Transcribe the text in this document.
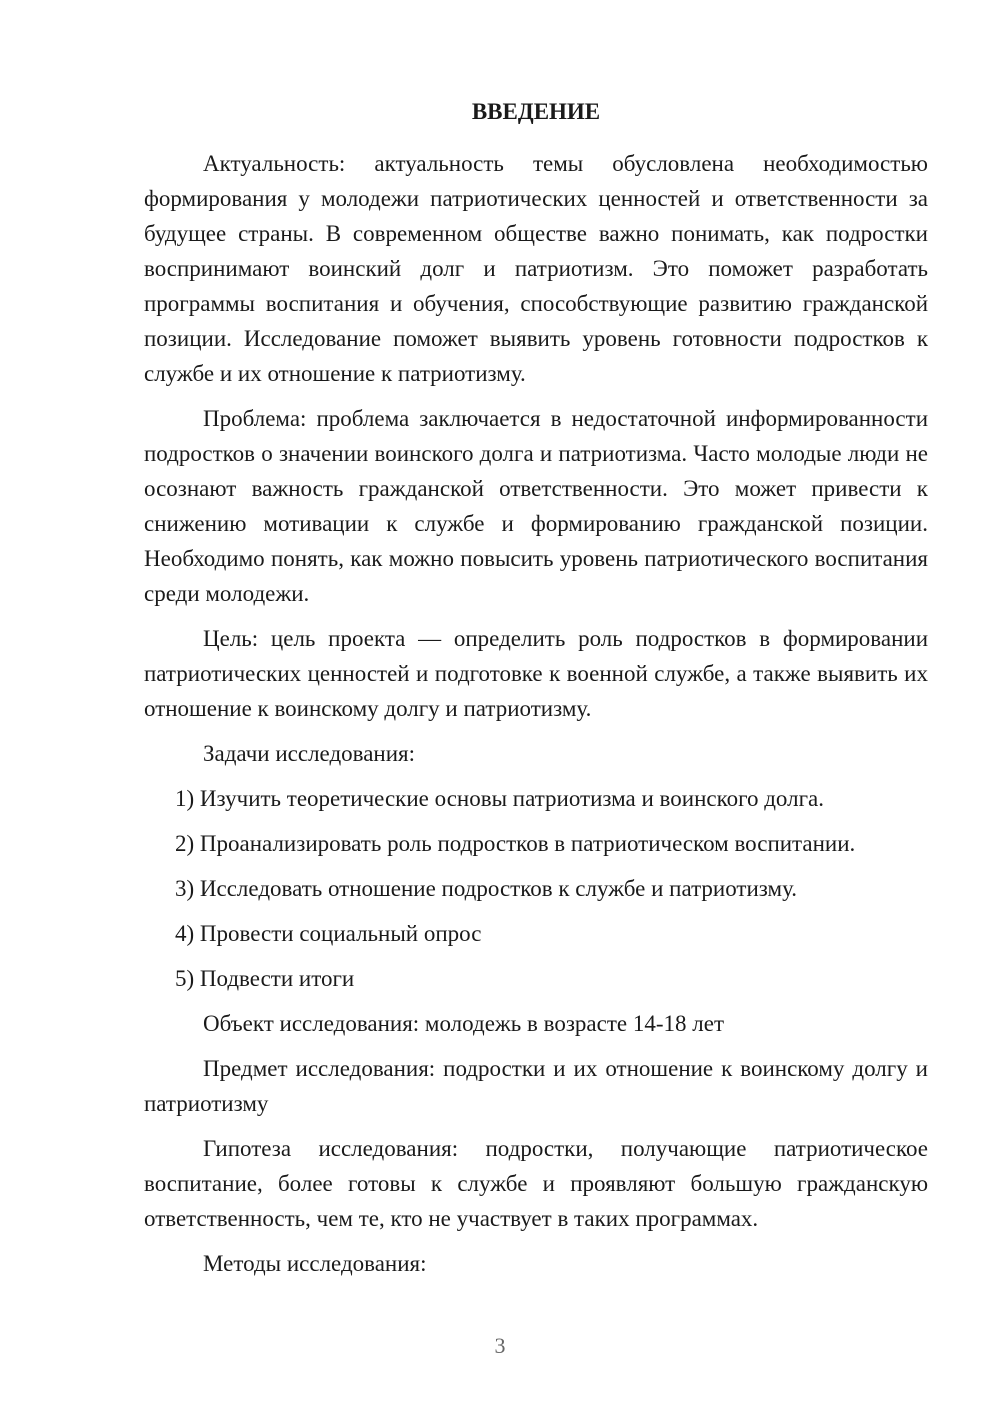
ВВЕДЕНИЕ

Актуальность: актуальность темы обусловлена необходимостью формирования у молодежи патриотических ценностей и ответственности за будущее страны. В современном обществе важно понимать, как подростки воспринимают воинский долг и патриотизм. Это поможет разработать программы воспитания и обучения, способствующие развитию гражданской позиции. Исследование поможет выявить уровень готовности подростков к службе и их отношение к патриотизму.

Проблема: проблема заключается в недостаточной информированности подростков о значении воинского долга и патриотизма. Часто молодые люди не осознают важность гражданской ответственности. Это может привести к снижению мотивации к службе и формированию гражданской позиции. Необходимо понять, как можно повысить уровень патриотического воспитания среди молодежи.

Цель: цель проекта — определить роль подростков в формировании патриотических ценностей и подготовке к военной службе, а также выявить их отношение к воинскому долгу и патриотизму.

Задачи исследования:

1) Изучить теоретические основы патриотизма и воинского долга.

2) Проанализировать роль подростков в патриотическом воспитании.

3) Исследовать отношение подростков к службе и патриотизму.

4) Провести социальный опрос

5) Подвести итоги

Объект исследования: молодежь в возрасте 14-18 лет

Предмет исследования: подростки и их отношение к воинскому долгу и патриотизму

Гипотеза исследования: подростки, получающие патриотическое воспитание, более готовы к службе и проявляют большую гражданскую ответственность, чем те, кто не участвует в таких программах.

Методы исследования:

3
